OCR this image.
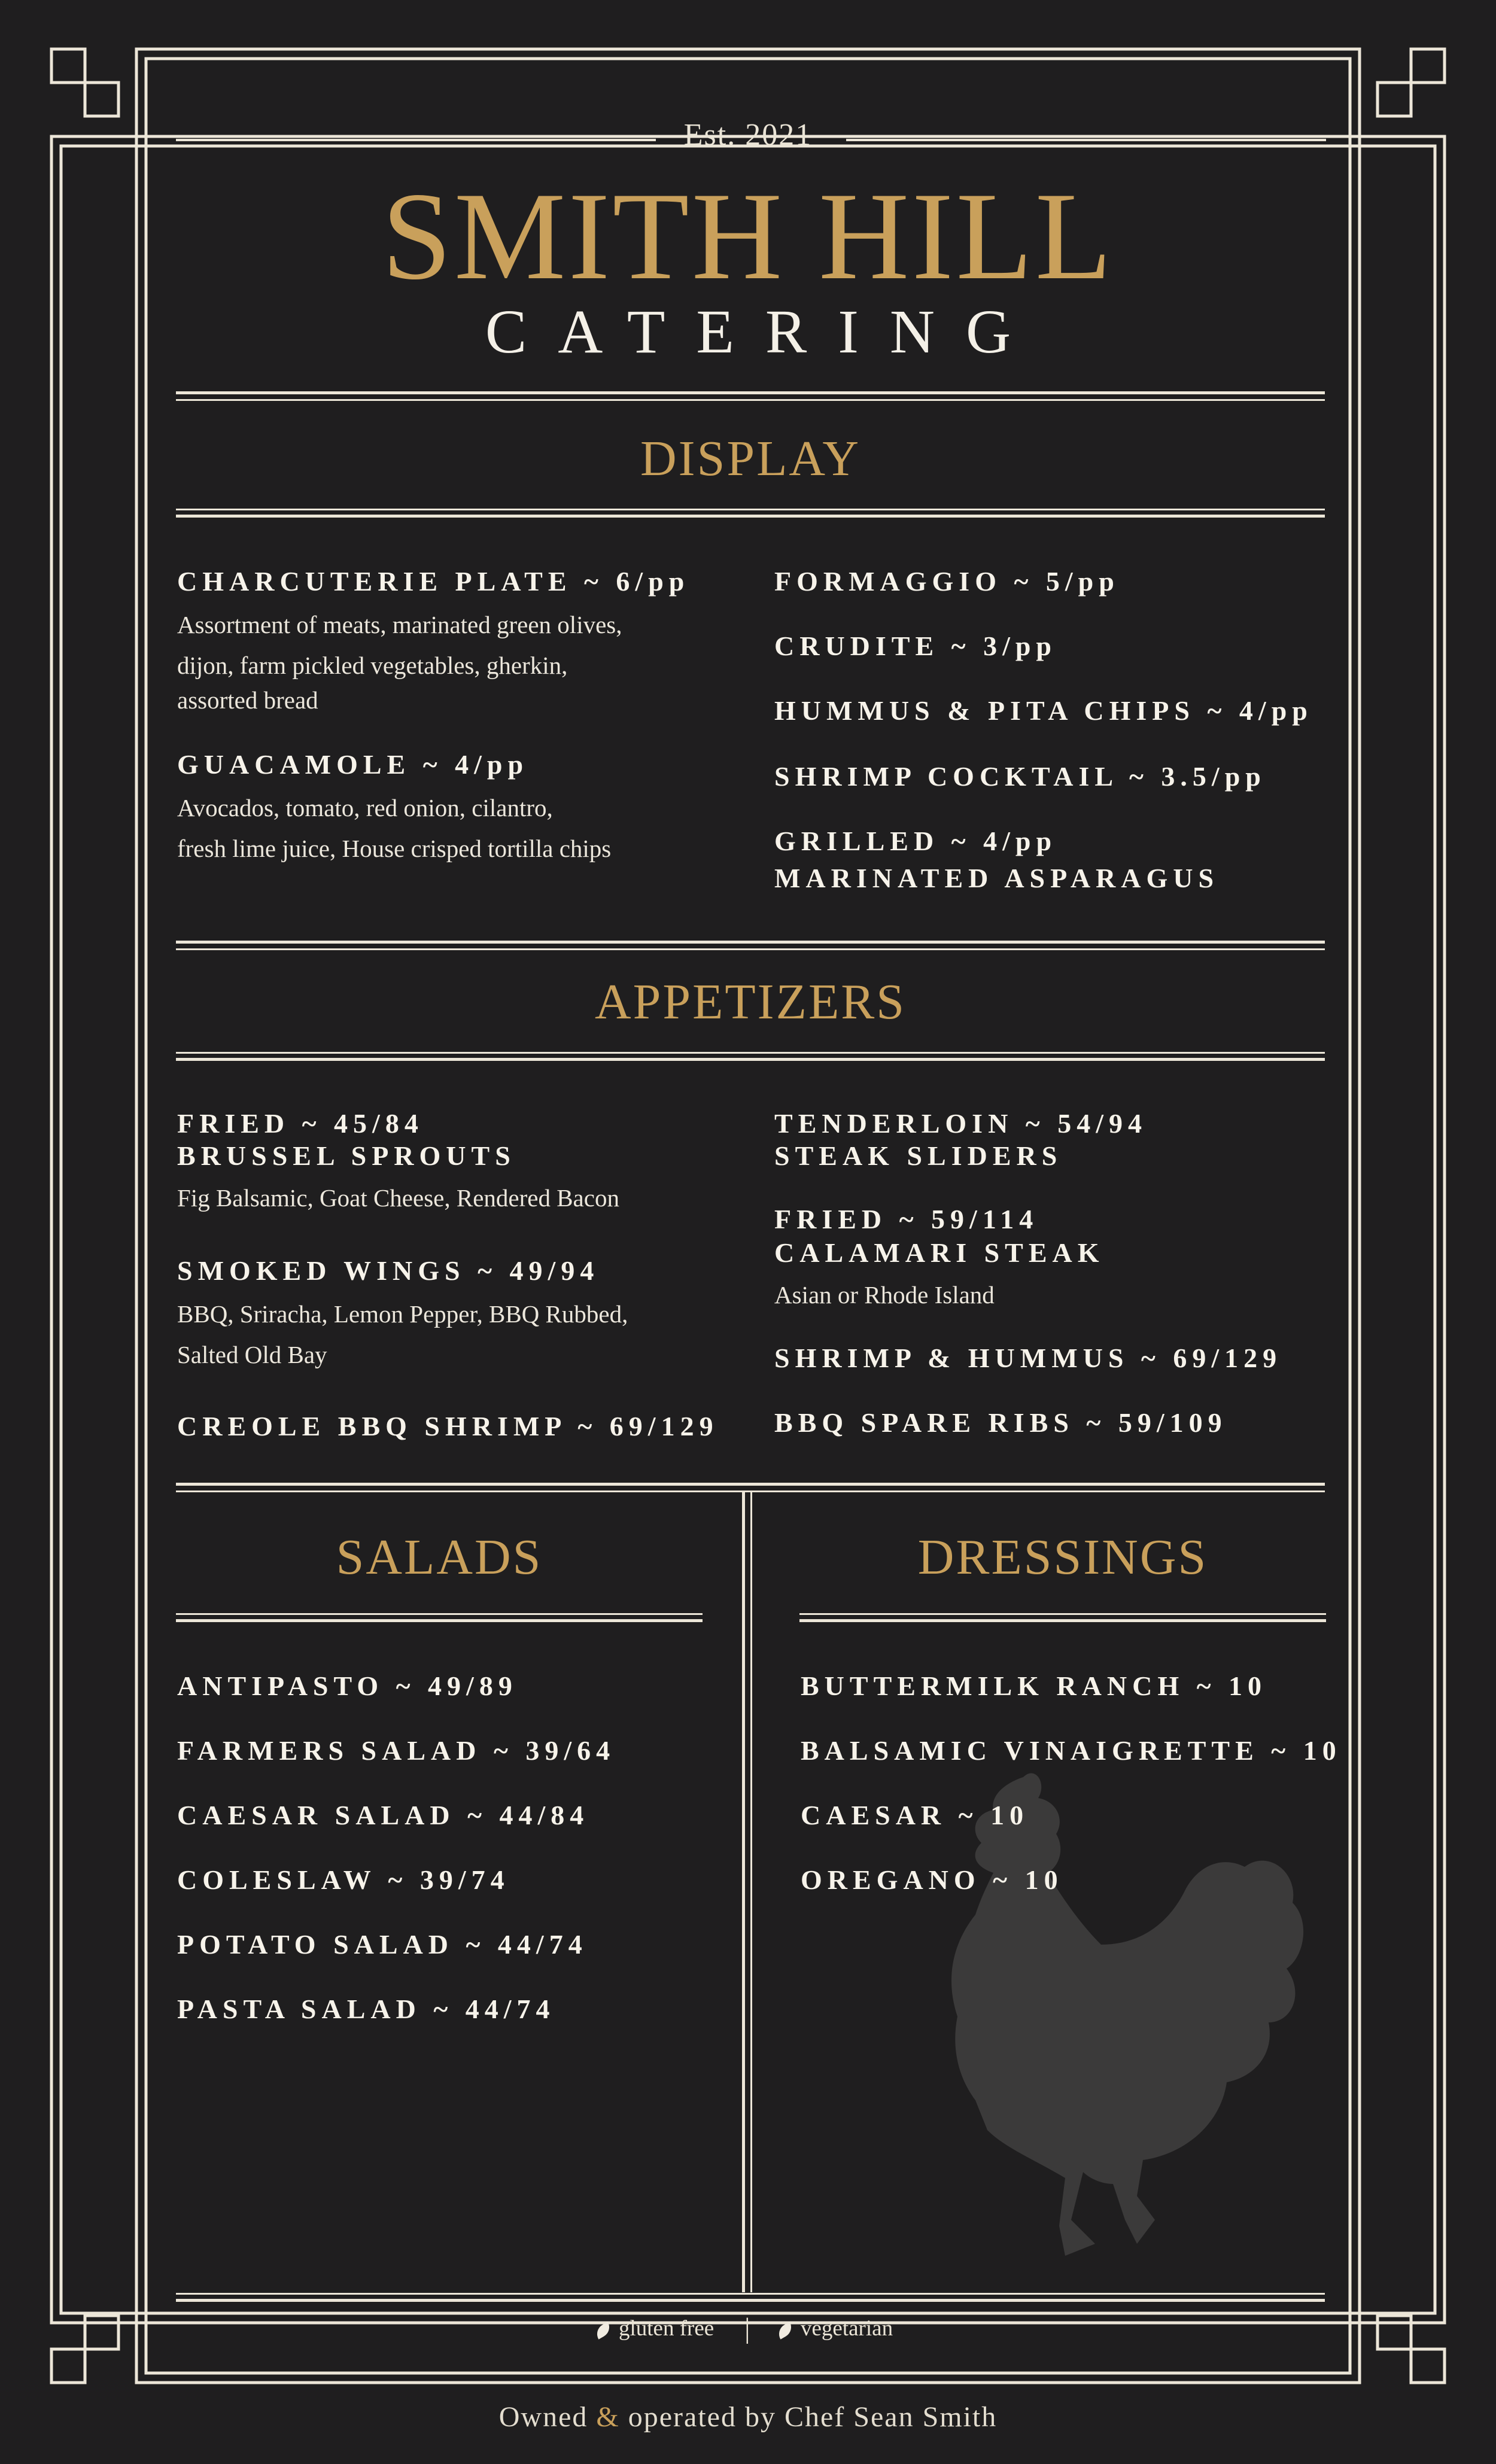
Est. 2021
SMITH HILL
CATERING
DISPLAY
CHARCUTERIE PLATE ~ 6/pp
Assortment of meats, marinated green olives,
dijon, farm pickled vegetables, gherkin,
assorted bread
GUACAMOLE ~ 4/pp
Avocados, tomato, red onion, cilantro,
fresh lime juice, House crisped tortilla chips
FORMAGGIO ~ 5/pp
CRUDITE ~ 3/pp
HUMMUS & PITA CHIPS ~ 4/pp
SHRIMP COCKTAIL ~ 3.5/pp
GRILLED ~ 4/pp
MARINATED ASPARAGUS
APPETIZERS
FRIED ~ 45/84
BRUSSEL SPROUTS
Fig Balsamic, Goat Cheese, Rendered Bacon
SMOKED WINGS ~ 49/94
BBQ, Sriracha, Lemon Pepper, BBQ Rubbed,
Salted Old Bay
CREOLE BBQ SHRIMP ~ 69/129
TENDERLOIN ~ 54/94
STEAK SLIDERS
FRIED ~ 59/114
CALAMARI STEAK
Asian or Rhode Island
SHRIMP & HUMMUS ~ 69/129
BBQ SPARE RIBS ~ 59/109
SALADS	DRESSINGS
ANTIPASTO ~ 49/89
FARMERS SALAD ~ 39/64
CAESAR SALAD ~ 44/84
COLESLAW ~ 39/74
POTATO SALAD ~ 44/74
PASTA SALAD ~ 44/74
BUTTERMILK RANCH ~ 10
BALSAMIC VINAIGRETTE ~ 10
CAESAR ~ 10
OREGANO ~ 10
gluten free |	vegetarian
Owned & operated by Chef Sean Smith
